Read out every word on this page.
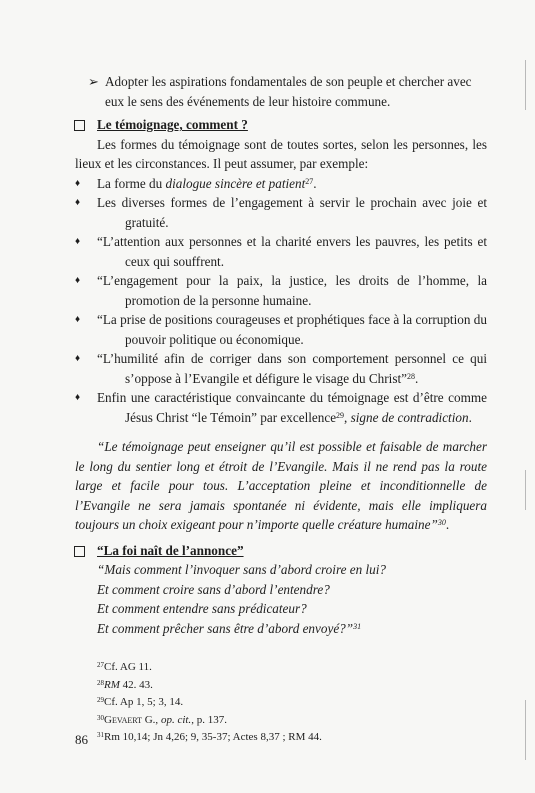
➢ Adopter les aspirations fondamentales de son peuple et chercher avec eux le sens des événements de leur histoire commune.
Le témoignage, comment ?
Les formes du témoignage sont de toutes sortes, selon les personnes, les lieux et les circonstances. Il peut assumer, par exemple:
♦	La forme du dialogue sincère et patient$^{27}$.
♦	Les diverses formes de l’engagement à servir le prochain avec joie et gratuité.
♦	“L’attention aux personnes et la charité envers les pauvres, les petits et ceux qui souffrent.
♦	“L’engagement pour la paix, la justice, les droits de l’homme, la promotion de la personne humaine.
♦	“La prise de positions courageuses et prophétiques face à la corruption du pouvoir politique ou économique.
♦	“L’humilité afin de corriger dans son comportement personnel ce qui s’oppose à l’Evangile et défigure le visage du Christ”$^{28}$.
♦	Enfin une caractéristique convaincante du témoignage est d’être comme Jésus Christ “le Témoin” par excellence$^{29}$, signe de contradiction.
“Le témoignage peut enseigner qu’il est possible et faisable de marcher le long du sentier long et étroit de l’Evangile. Mais il ne rend pas la route large et facile pour tous. L’acceptation pleine et inconditionnelle de l’Evangile ne sera jamais spontanée ni évidente, mais elle impliquera toujours un choix exigeant pour n’importe quelle créature humaine”$^{30}$.
“La foi naît de l’annonce”
“Mais comment l’invoquer sans d’abord croire en lui?
Et comment croire sans d’abord l’entendre?
Et comment entendre sans prédicateur?
Et comment prêcher sans être d’abord envoyé?”$^{31}$
$^{27}$Cf. AG 11.
$^{28}$RM 42. 43.
$^{29}$Cf. Ap 1, 5; 3, 14.
$^{30}$Gevaert G., op. cit., p. 137.
$^{31}$Rm 10,14; Jn 4,26; 9, 35-37; Actes 8,37 ; RM 44.
86
